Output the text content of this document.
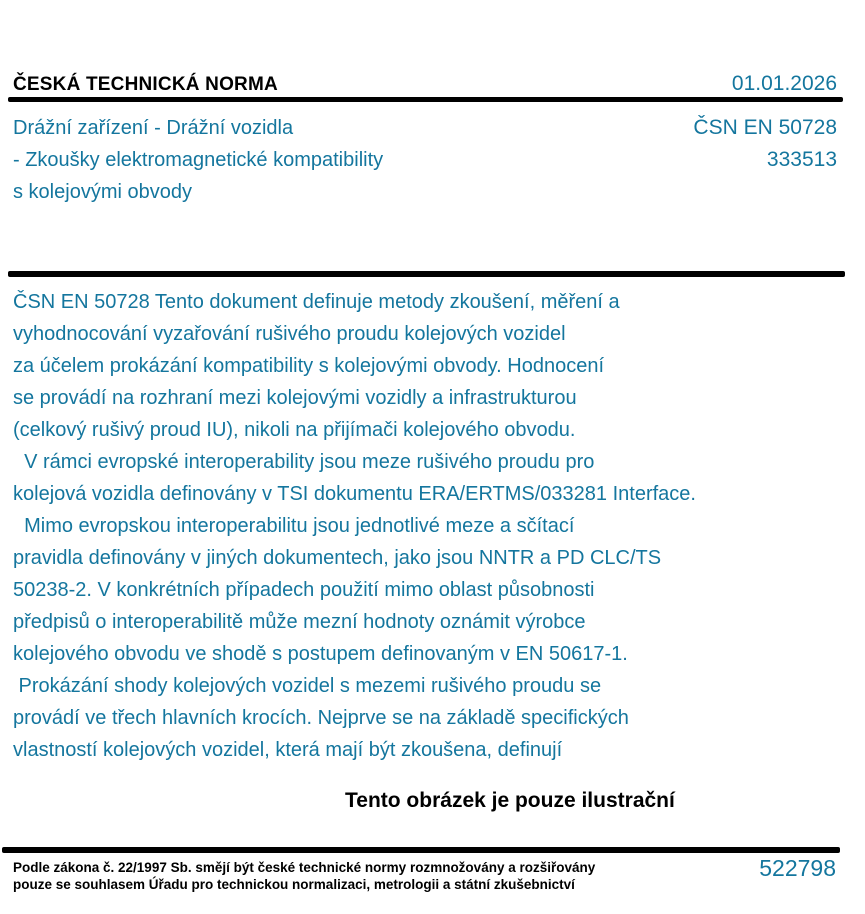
ČESKÁ TECHNICKÁ NORMA	01.01.2026
Drážní zařízení - Drážní vozidla
- Zkoušky elektromagnetické kompatibility
s kolejovými obvody
ČSN EN 50728
333513
ČSN EN 50728 Tento dokument definuje metody zkoušení, měření a
vyhodnocování vyzařování rušivého proudu kolejových vozidel
za účelem prokázání kompatibility s kolejovými obvody. Hodnocení
se provádí na rozhraní mezi kolejovými vozidly a infrastrukturou
(celkový rušivý proud IU), nikoli na přijímači kolejového obvodu.
V rámci evropské interoperability jsou meze rušivého proudu pro
kolejová vozidla definovány v TSI dokumentu ERA/ERTMS/033281 Interface.
Mimo evropskou interoperabilitu jsou jednotlivé meze a sčítací
pravidla definovány v jiných dokumentech, jako jsou NNTR a PD CLC/TS
50238-2. V konkrétních případech použití mimo oblast působnosti
předpisů o interoperabilitě může mezní hodnoty oznámit výrobce
kolejového obvodu ve shodě s postupem definovaným v EN 50617-1.
Prokázání shody kolejových vozidel s mezemi rušivého proudu se
provádí ve třech hlavních krocích. Nejprve se na základě specifických
vlastností kolejových vozidel, která mají být zkoušena, definují
Tento obrázek je pouze ilustrační
Podle zákona č. 22/1997 Sb. smějí být české technické normy rozmnožovány a rozšiřovány
pouze se souhlasem Úřadu pro technickou normalizaci, metrologii a státní zkušebnictví
522798
